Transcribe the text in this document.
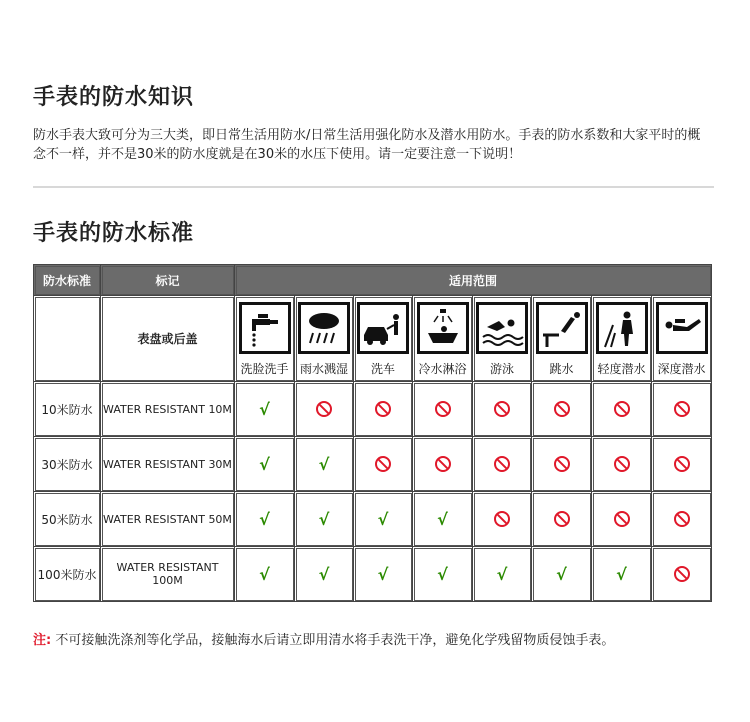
手表的防水知识
防水手表大致可分为三大类，即日常生活用防水/日常生活用强化防水及潜水用防水。手表的防水系数和大家平时的概念不一样，并不是30米的防水度就是在30米的水压下使用。请一定要注意一下说明！
手表的防水标准
防水标准	标记	适用范围							
	表盘或后盖	洗脸洗手	雨水溅湿	洗车	冷水淋浴	游泳	跳水	轻度潜水	深度潜水

10米防水	WATER RESISTANT 10M	√							
30米防水	WATER RESISTANT 30M	√	√						
50米防水	WATER RESISTANT 50M	√	√	√	√				
100米防水	WATER RESISTANT 100M	√	√	√	√	√	√	√	
注: 不可接触洗涤剂等化学品，接触海水后请立即用清水将手表洗干净，避免化学残留物质侵蚀手表。
